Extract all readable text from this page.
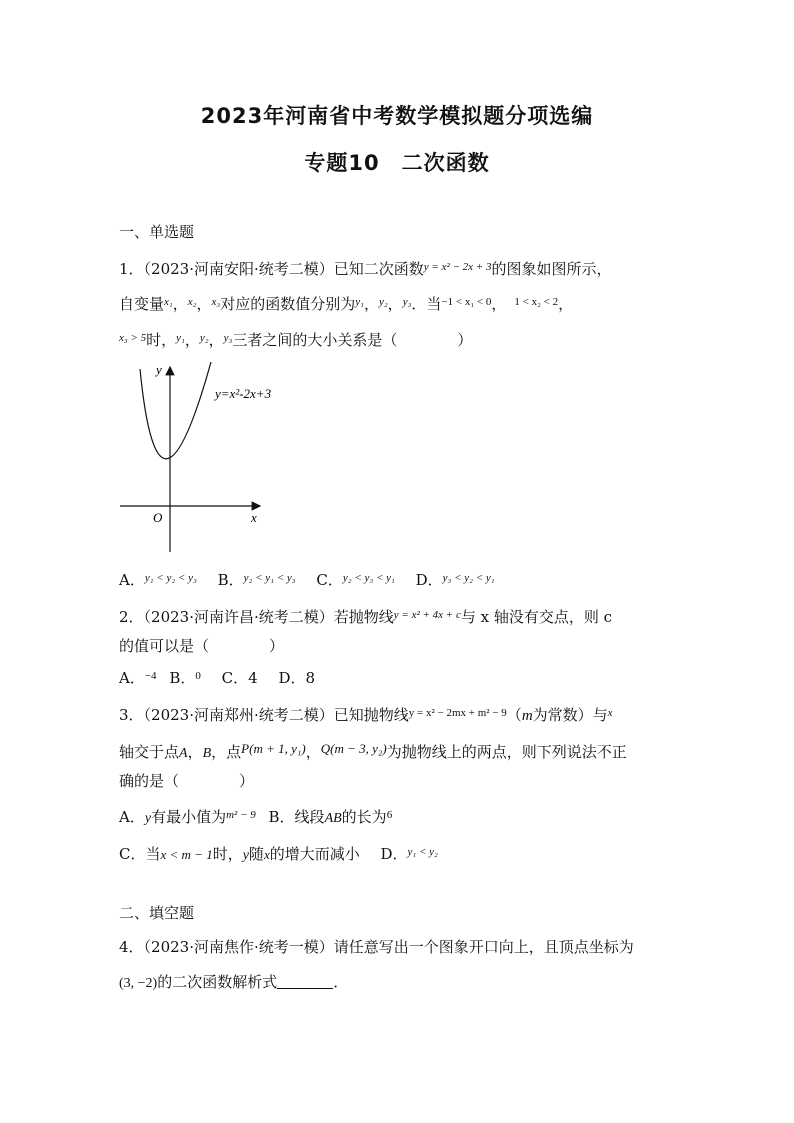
2023年河南省中考数学模拟题分项选编
专题10　二次函数
一、单选题
1．（2023·河南安阳·统考二模）已知二次函数$^{y = x^2 - 2x + 3}$的图象如图所示，
自变量$^{x_1}$，$^{x_2}$，$^{x_3}$对应的函数值分别为$^{y_1}$，$^{y_2}$，$^{y_3}$．当$^{-1 < x_1 < 0}$， $^{1 < x_2 < 2}$，
$^{x_3 > 5}$时，$^{y_1}$，$^{y_2}$，$^{y_3}$三者之间的大小关系是（　　　　）
y
x
O
y=x²-2x+3
A．$^{y_1 < y_2 < y_3}$ B．$^{y_2 < y_1 < y_3}$ C．$^{y_2 < y_3 < y_1}$ D．$^{y_3 < y_2 < y_1}$
2．（2023·河南许昌·统考二模）若抛物线$^{y = x^2 + 4x + c}$与 x 轴没有交点，则 c
的值可以是（　　　　）
A．$^{-4}$ B．$^0$ C．4 D．8
3．（2023·河南郑州·统考二模）已知抛物线$^{y = x^2 - 2mx + m^2 - 9}$（m为常数）与$^x$
轴交于点A，B，点P(m + 1, y₁)，Q(m − 3, y₂)为抛物线上的两点，则下列说法不正
确的是（　　　　）
A．y有最小值为$^{m^2 - 9}$ B．线段AB的长为$^6$
C．当x < m − 1时，y随x的增大而减小 D．$^{y_1 < y_2}$
二、填空题
4．（2023·河南焦作·统考一模）请任意写出一个图象开口向上，且顶点坐标为
(3, −2)的二次函数解析式	．
